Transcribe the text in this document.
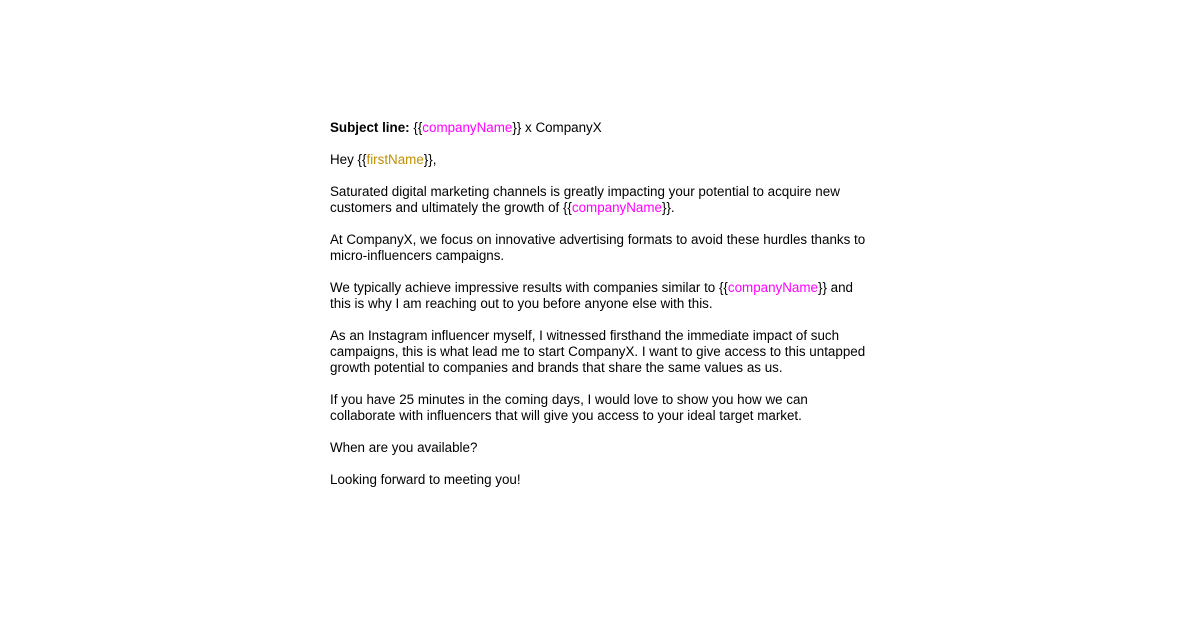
Subject line: {{companyName}} x CompanyX

Hey {{firstName}},

Saturated digital marketing channels is greatly impacting your potential to acquire new customers and ultimately the growth of {{companyName}}.

At CompanyX, we focus on innovative advertising formats to avoid these hurdles thanks to micro-influencers campaigns.

We typically achieve impressive results with companies similar to {{companyName}} and this is why I am reaching out to you before anyone else with this.

As an Instagram influencer myself, I witnessed firsthand the immediate impact of such campaigns, this is what lead me to start CompanyX. I want to give access to this untapped growth potential to companies and brands that share the same values as us.

If you have 25 minutes in the coming days, I would love to show you how we can collaborate with influencers that will give you access to your ideal target market.

When are you available?

Looking forward to meeting you!
